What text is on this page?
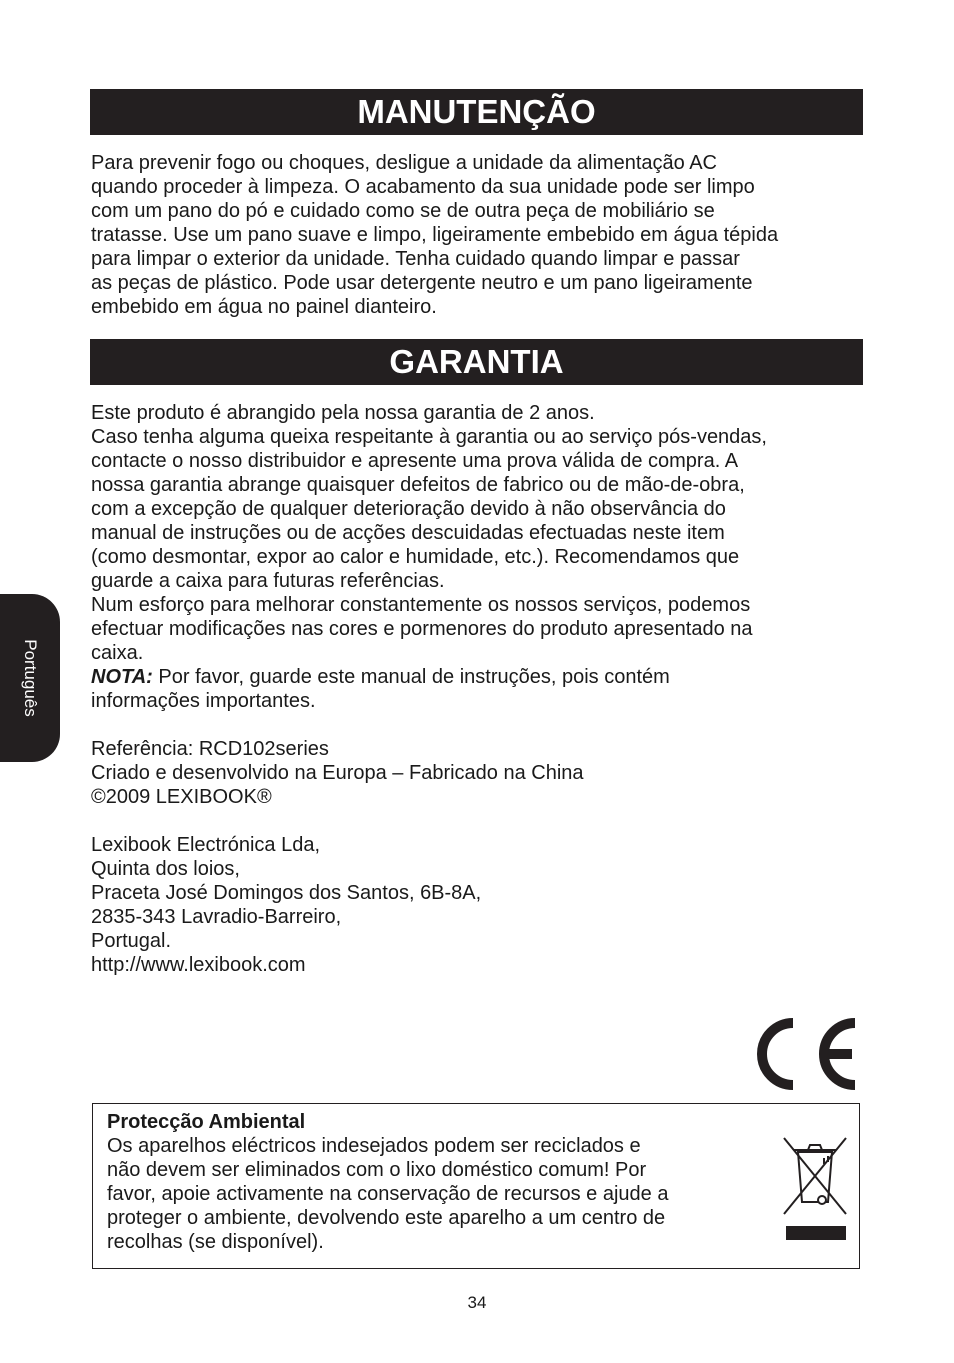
MANUTENÇÃO
Para prevenir fogo ou choques, desligue a unidade da alimentação AC
quando proceder à limpeza. O acabamento da sua unidade pode ser limpo
com um pano do pó e cuidado como se de outra peça de mobiliário se
tratasse. Use um pano suave e limpo, ligeiramente embebido em água tépida
para limpar o exterior da unidade. Tenha cuidado quando limpar e passar
as peças de plástico. Pode usar detergente neutro e um pano ligeiramente
embebido em água no painel dianteiro.
GARANTIA
Este produto é abrangido pela nossa garantia de 2 anos.
Caso tenha alguma queixa respeitante à garantia ou ao serviço pós-vendas,
contacte o nosso distribuidor e apresente uma prova válida de compra. A
nossa garantia abrange quaisquer defeitos de fabrico ou de mão-de-obra,
com a excepção de qualquer deterioração devido à não observância do
manual de instruções ou de acções descuidadas efectuadas neste item
(como desmontar, expor ao calor e humidade, etc.). Recomendamos que
guarde a caixa para futuras referências.
Num esforço para melhorar constantemente os nossos serviços, podemos
efectuar modificações nas cores e pormenores do produto apresentado na
caixa.
NOTA: Por favor, guarde este manual de instruções, pois contém
informações importantes.
Referência: RCD102series
Criado e desenvolvido na Europa – Fabricado na China
©2009 LEXIBOOK®
Lexibook Electrónica Lda,
Quinta dos loios,
Praceta José Domingos dos Santos, 6B-8A,
2835-343 Lavradio-Barreiro,
Portugal.
http://www.lexibook.com
Português
Protecção Ambiental
Os aparelhos eléctricos indesejados podem ser reciclados e
não devem ser eliminados com o lixo doméstico comum! Por
favor, apoie activamente na conservação de recursos e ajude a
proteger o ambiente, devolvendo este aparelho a um centro de
recolhas (se disponível).
34
